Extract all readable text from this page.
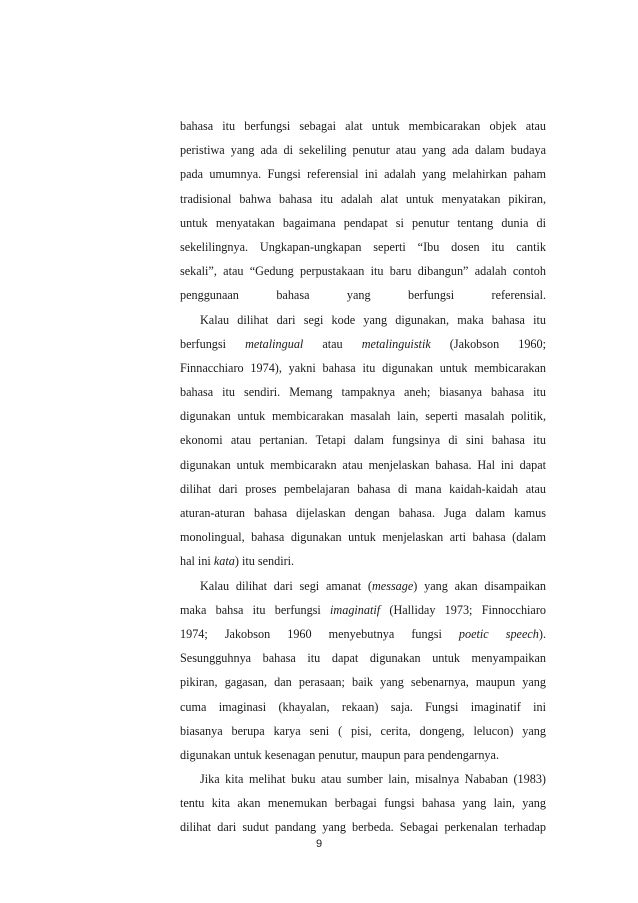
bahasa itu berfungsi sebagai alat untuk membicarakan objek atau
peristiwa yang ada di sekeliling penutur atau yang ada dalam budaya
pada umumnya. Fungsi referensial ini adalah yang melahirkan paham
tradisional bahwa bahasa itu adalah alat untuk menyatakan pikiran,
untuk menyatakan bagaimana pendapat si penutur tentang dunia di
sekelilingnya. Ungkapan-ungkapan seperti “Ibu dosen itu cantik
sekali”, atau “Gedung perpustakaan itu baru dibangun” adalah contoh
penggunaan bahasa yang berfungsi referensial.
Kalau dilihat dari segi kode yang digunakan, maka bahasa itu
berfungsi metalingual atau metalinguistik (Jakobson 1960;
Finnacchiaro 1974), yakni bahasa itu digunakan untuk membicarakan
bahasa itu sendiri. Memang tampaknya aneh; biasanya bahasa itu
digunakan untuk membicarakan masalah lain, seperti masalah politik,
ekonomi atau pertanian. Tetapi dalam fungsinya di sini bahasa itu
digunakan untuk membicarakn atau menjelaskan bahasa. Hal ini dapat
dilihat dari proses pembelajaran bahasa di mana kaidah-kaidah atau
aturan-aturan bahasa dijelaskan dengan bahasa. Juga dalam kamus
monolingual, bahasa digunakan untuk menjelaskan arti bahasa (dalam
hal ini kata) itu sendiri.
Kalau dilihat dari segi amanat (message) yang akan disampaikan
maka bahsa itu berfungsi imaginatif (Halliday 1973; Finnocchiaro
1974; Jakobson 1960 menyebutnya fungsi poetic speech).
Sesungguhnya bahasa itu dapat digunakan untuk menyampaikan
pikiran, gagasan, dan perasaan; baik yang sebenarnya, maupun yang
cuma imaginasi (khayalan, rekaan) saja. Fungsi imaginatif ini
biasanya berupa karya seni ( pisi, cerita, dongeng, lelucon) yang
digunakan untuk kesenagan penutur, maupun para pendengarnya.
Jika kita melihat buku atau sumber lain, misalnya Nababan (1983)
tentu kita akan menemukan berbagai fungsi bahasa yang lain, yang
dilihat dari sudut pandang yang berbeda. Sebagai perkenalan terhadap
9
